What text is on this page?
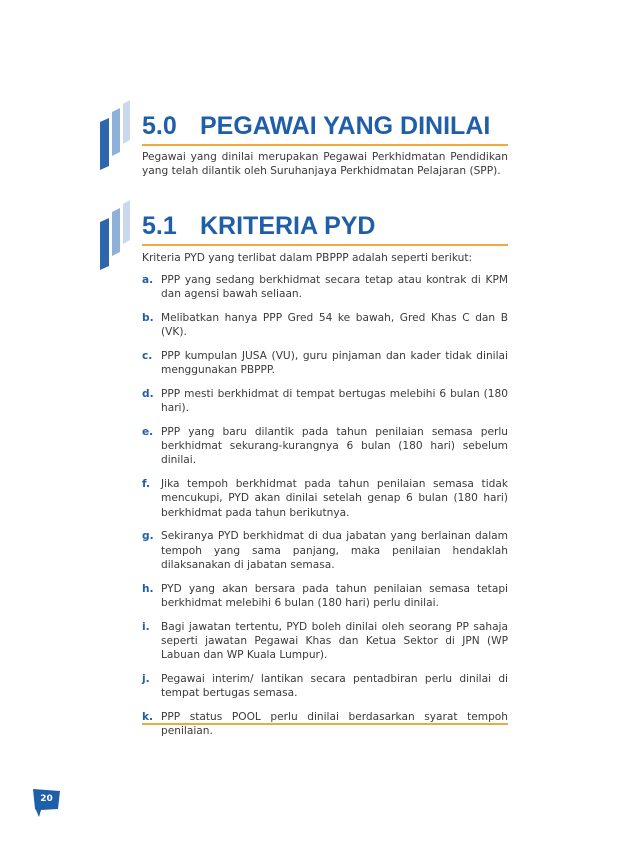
5.0 PEGAWAI YANG DINILAI
Pegawai yang dinilai merupakan Pegawai Perkhidmatan Pendidikan yang telah dilantik oleh Suruhanjaya Perkhidmatan Pelajaran (SPP).
5.1 KRITERIA PYD
Kriteria PYD yang terlibat dalam PBPPP adalah seperti berikut:
a. PPP yang sedang berkhidmat secara tetap atau kontrak di KPM dan agensi bawah seliaan.
b. Melibatkan hanya PPP Gred 54 ke bawah, Gred Khas C dan B (VK).
c. PPP kumpulan JUSA (VU), guru pinjaman dan kader tidak dinilai menggunakan PBPPP.
d. PPP mesti berkhidmat di tempat bertugas melebihi 6 bulan (180 hari).
e. PPP yang baru dilantik pada tahun penilaian semasa perlu berkhidmat sekurang-kurangnya 6 bulan (180 hari) sebelum dinilai.
f.	Jika tempoh berkhidmat pada tahun penilaian semasa tidak mencukupi, PYD akan dinilai setelah genap 6 bulan (180 hari) berkhidmat pada tahun berikutnya.
g. Sekiranya PYD berkhidmat di dua jabatan yang berlainan dalam tempoh yang sama panjang, maka penilaian hendaklah dilaksanakan di jabatan semasa.
h. PYD yang akan bersara pada tahun penilaian semasa tetapi berkhidmat melebihi 6 bulan (180 hari) perlu dinilai.
i.	Bagi jawatan tertentu, PYD boleh dinilai oleh seorang PP sahaja seperti jawatan Pegawai Khas dan Ketua Sektor di JPN (WP Labuan dan WP Kuala Lumpur).
j.	Pegawai interim/ lantikan secara pentadbiran perlu dinilai di tempat bertugas semasa.
k. PPP status POOL perlu dinilai berdasarkan syarat tempoh penilaian.
20
